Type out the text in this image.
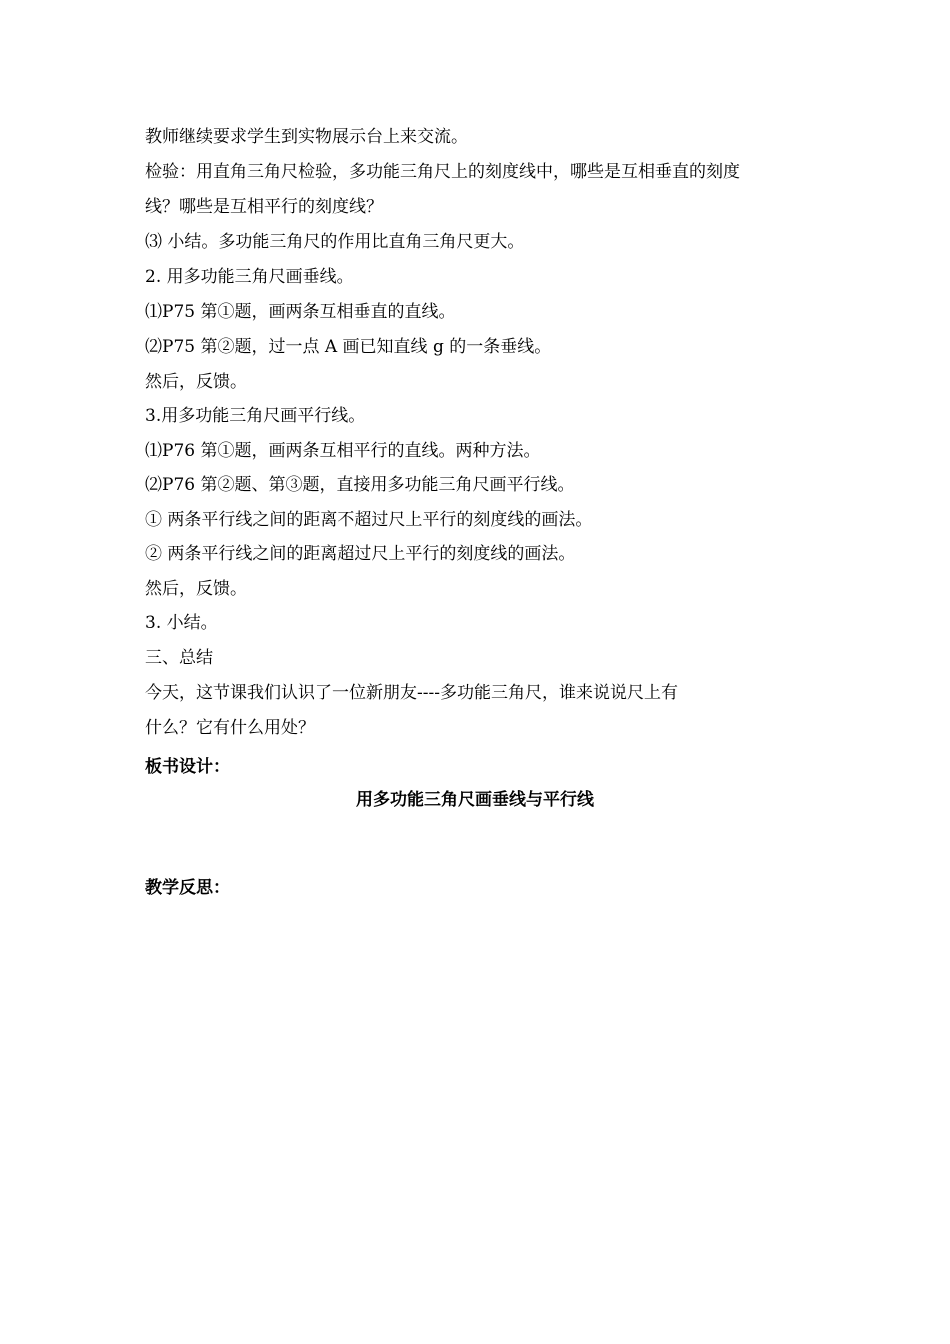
教师继续要求学生到实物展示台上来交流。
检验：用直角三角尺检验，多功能三角尺上的刻度线中，哪些是互相垂直的刻度
线？哪些是互相平行的刻度线？
⑶ 小结。多功能三角尺的作用比直角三角尺更大。
2. 用多功能三角尺画垂线。
⑴P75 第①题，画两条互相垂直的直线。
⑵P75 第②题，过一点 A 画已知直线 g 的一条垂线。
然后，反馈。
3.用多功能三角尺画平行线。
⑴P76 第①题，画两条互相平行的直线。两种方法。
⑵P76 第②题、第③题，直接用多功能三角尺画平行线。
① 两条平行线之间的距离不超过尺上平行的刻度线的画法。
② 两条平行线之间的距离超过尺上平行的刻度线的画法。
然后，反馈。
3. 小结。
三、总结
今天，这节课我们认识了一位新朋友----多功能三角尺，谁来说说尺上有
什么？它有什么用处？
板书设计：
用多功能三角尺画垂线与平行线
教学反思：
